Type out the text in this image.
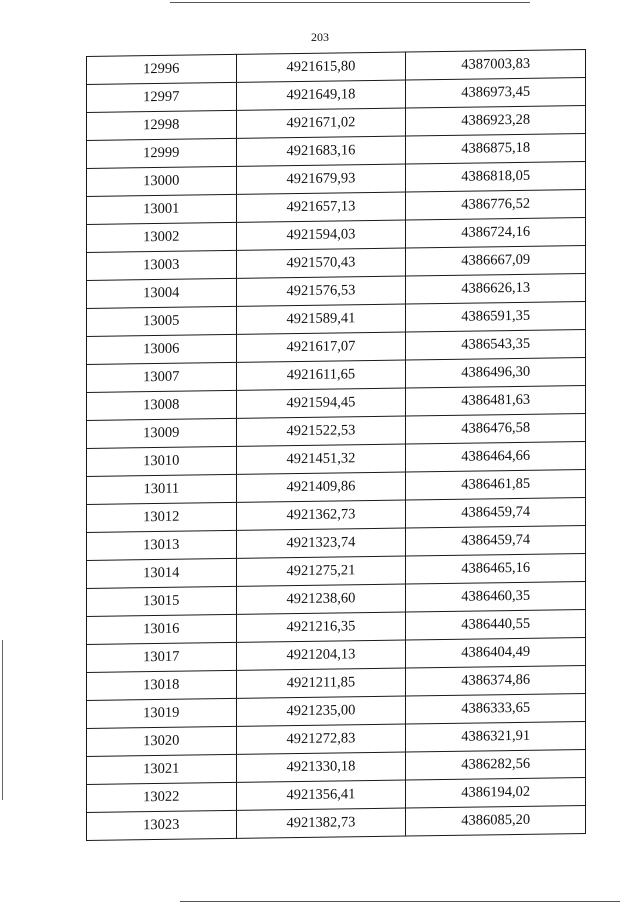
203
12996	4921615,80	4387003,83
12997	4921649,18	4386973,45
12998	4921671,02	4386923,28
12999	4921683,16	4386875,18
13000	4921679,93	4386818,05
13001	4921657,13	4386776,52
13002	4921594,03	4386724,16
13003	4921570,43	4386667,09
13004	4921576,53	4386626,13
13005	4921589,41	4386591,35
13006	4921617,07	4386543,35
13007	4921611,65	4386496,30
13008	4921594,45	4386481,63
13009	4921522,53	4386476,58
13010	4921451,32	4386464,66
13011	4921409,86	4386461,85
13012	4921362,73	4386459,74
13013	4921323,74	4386459,74
13014	4921275,21	4386465,16
13015	4921238,60	4386460,35
13016	4921216,35	4386440,55
13017	4921204,13	4386404,49
13018	4921211,85	4386374,86
13019	4921235,00	4386333,65
13020	4921272,83	4386321,91
13021	4921330,18	4386282,56
13022	4921356,41	4386194,02
13023	4921382,73	4386085,20
